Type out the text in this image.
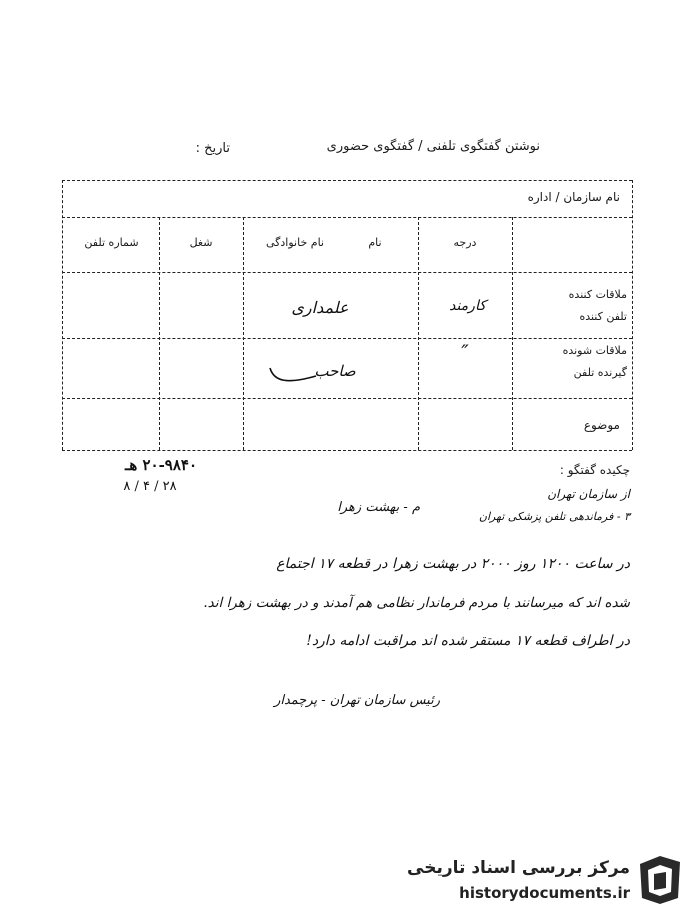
نوشتن گفتگوی تلفنی / گفتگوی حضوری
تاریخ :
نام سازمان / اداره
درجه
نام
نام خانوادگی
شغل
شماره تلفن
ملاقات کننده
تلفن کننده
کارمند
علمداری
ملاقات شونده
گیرنده تلفن
″
صاحب
موضوع
۲۰-۹۸۴۰ هـ
۲۸ / ۴ / ۸
چکیده گفتگو :
از سازمان تهران
۳ - فرماندهی تلفن پزشکی تهران
م - بهشت زهرا
در ساعت ۱۲۰۰ روز ۲۰۰۰ در بهشت زهرا در قطعه ۱۷ اجتماع
شده اند که میرسانند با مردم فرماندار نظامی هم آمدند و در بهشت زهرا اند.
در اطراف قطعه ۱۷ مستقر شده اند مراقبت ادامه دارد!
رئیس سازمان تهران - پرچمدار
مرکز بررسی اسناد تاریخی
historydocuments.ir
